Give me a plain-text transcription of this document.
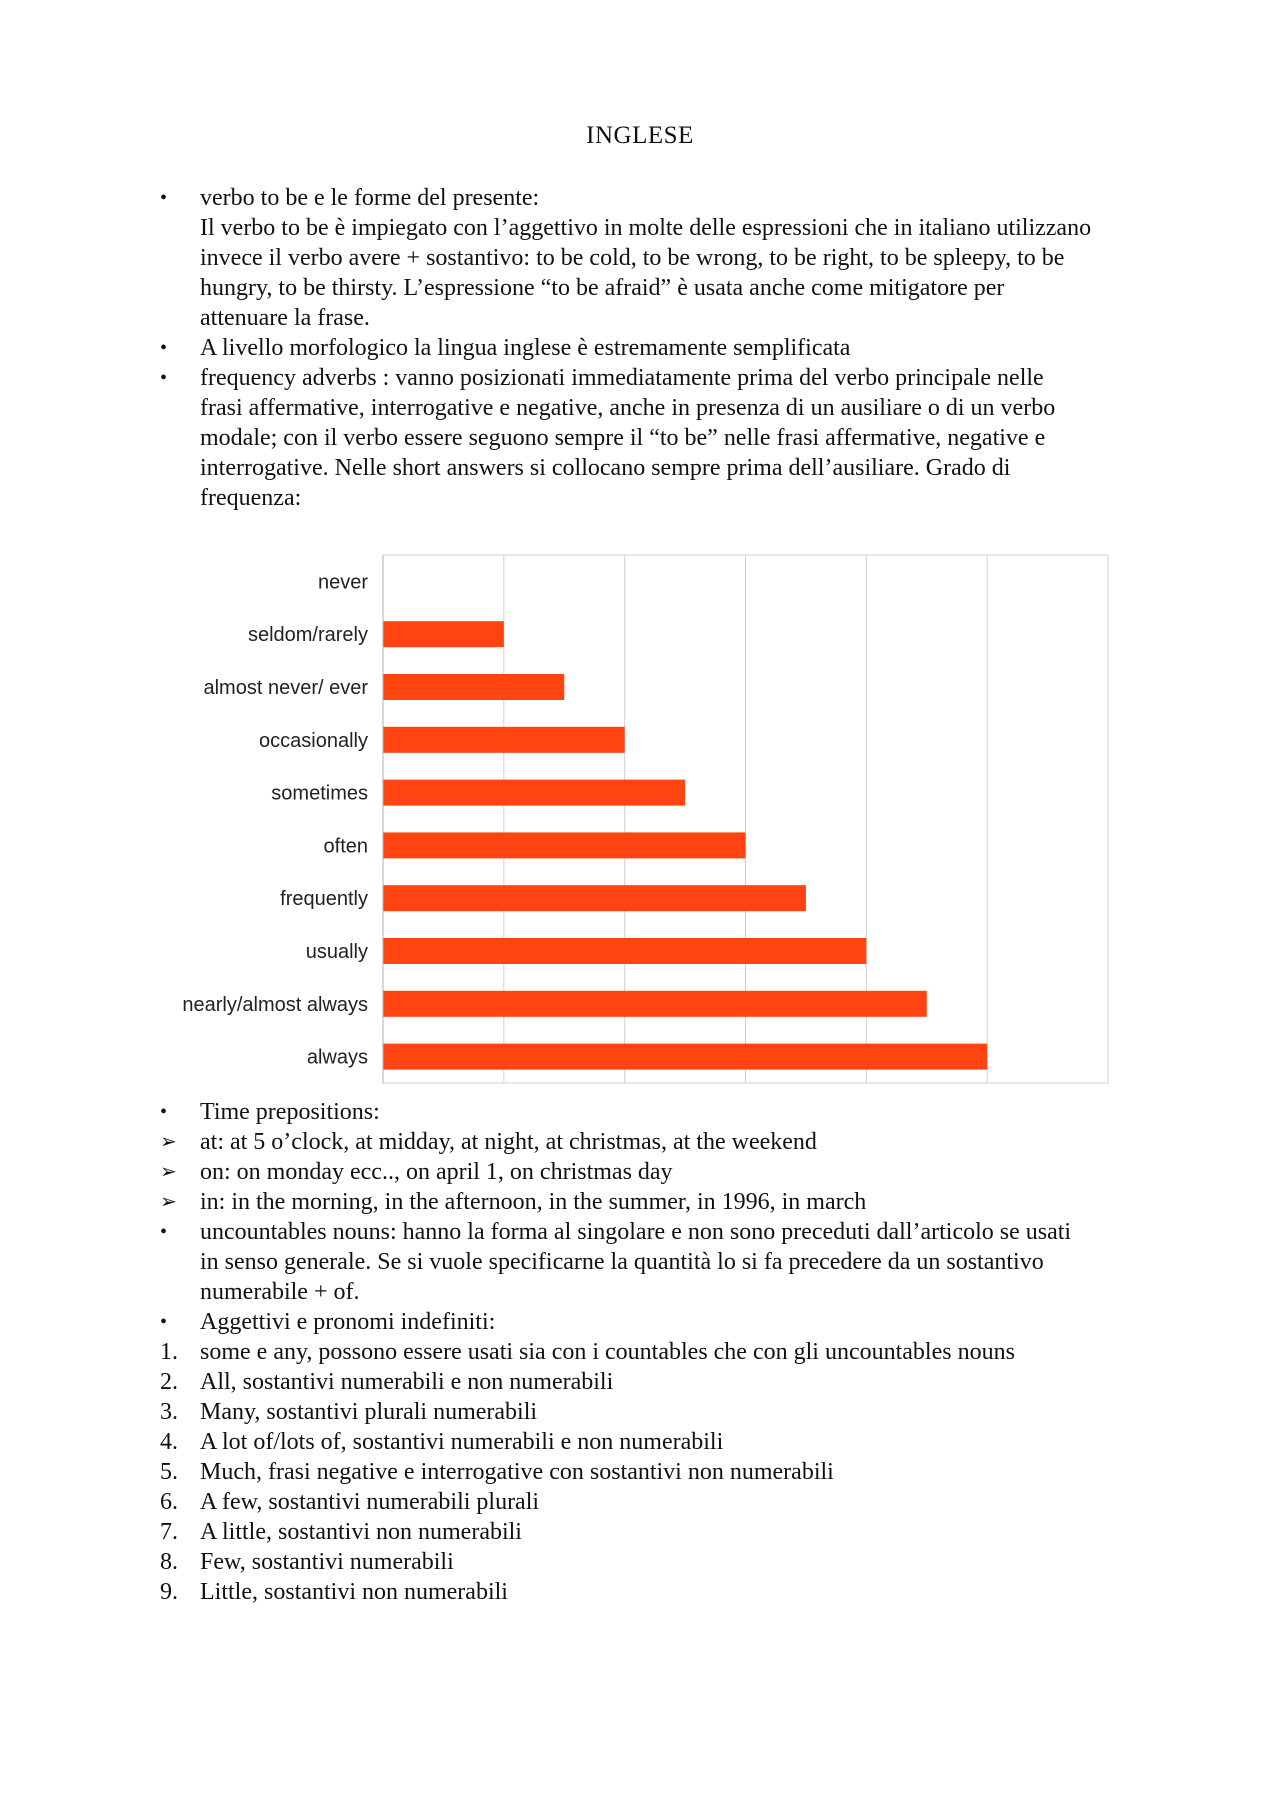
INGLESE
•	verbo to be e le forme del presente:
Il verbo to be è impiegato con l’aggettivo in molte delle espressioni che in italiano utilizzano
invece il verbo avere + sostantivo: to be cold, to be wrong, to be right, to be spleepy, to be
hungry, to be thirsty. L’espressione “to be afraid” è usata anche come mitigatore per
attenuare la frase.
•	A livello morfologico la lingua inglese è estremamente semplificata
•	frequency adverbs : vanno posizionati immediatamente prima del verbo principale nelle
frasi affermative, interrogative e negative, anche in presenza di un ausiliare o di un verbo
modale; con il verbo essere seguono sempre il “to be” nelle frasi affermative, negative e
interrogative. Nelle short answers si collocano sempre prima dell’ausiliare. Grado di
frequenza:
never
seldom/rarely
almost never/ ever
occasionally
sometimes
often
frequently
usually
nearly/almost always
always
•	Time prepositions:
➢ at: at 5 o’clock, at midday, at night, at christmas, at the weekend
➢ on: on monday ecc.., on april 1, on christmas day
➢ in: in the morning, in the afternoon, in the summer, in 1996, in march
•	uncountables nouns: hanno la forma al singolare e non sono preceduti dall’articolo se usati
in senso generale. Se si vuole specificarne la quantità lo si fa precedere da un sostantivo
numerabile + of.
•	Aggettivi e pronomi indefiniti:
1. some e any, possono essere usati sia con i countables che con gli uncountables nouns
2. All, sostantivi numerabili e non numerabili
3. Many, sostantivi plurali numerabili
4. A lot of/lots of, sostantivi numerabili e non numerabili
5. Much, frasi negative e interrogative con sostantivi non numerabili
6. A few, sostantivi numerabili plurali
7. A little, sostantivi non numerabili
8. Few, sostantivi numerabili
9. Little, sostantivi non numerabili
